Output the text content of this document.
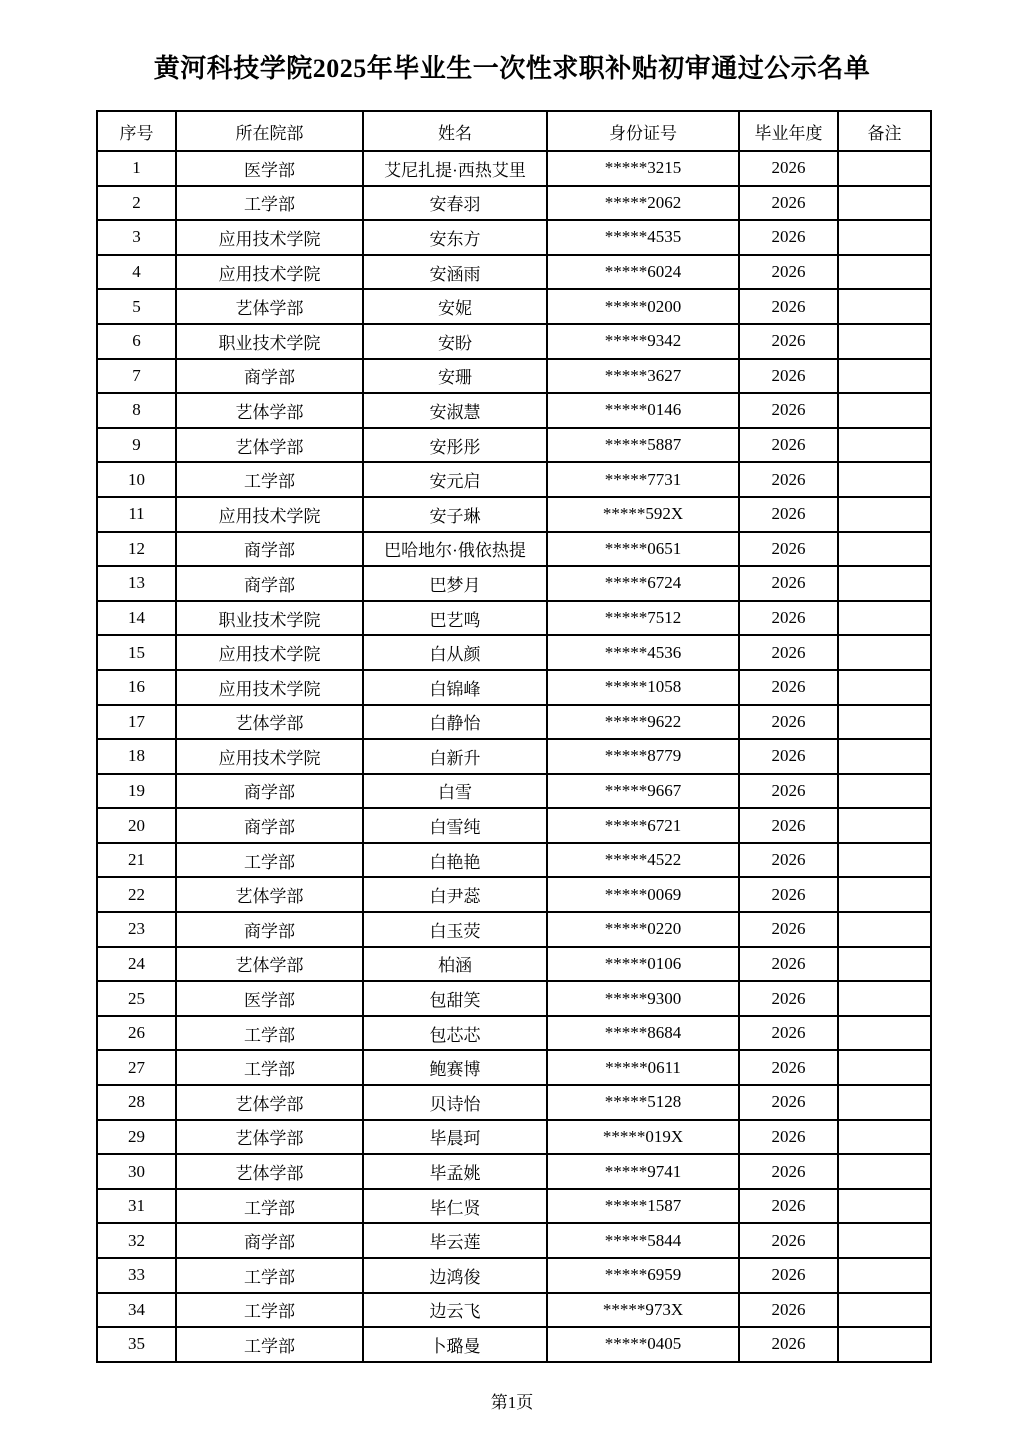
黄河科技学院2025年毕业生一次性求职补贴初审通过公示名单
序号	所在院部	姓名	身份证号	毕业年度	备注
1	医学部	艾尼扎提·西热艾里	*****3215	2026	
2	工学部	安春羽	*****2062	2026	
3	应用技术学院	安东方	*****4535	2026	
4	应用技术学院	安涵雨	*****6024	2026	
5	艺体学部	安妮	*****0200	2026	
6	职业技术学院	安盼	*****9342	2026	
7	商学部	安珊	*****3627	2026	
8	艺体学部	安淑慧	*****0146	2026	
9	艺体学部	安彤彤	*****5887	2026	
10	工学部	安元启	*****7731	2026	
11	应用技术学院	安子琳	*****592X	2026	
12	商学部	巴哈地尔·俄依热提	*****0651	2026	
13	商学部	巴梦月	*****6724	2026	
14	职业技术学院	巴艺鸣	*****7512	2026	
15	应用技术学院	白从颜	*****4536	2026	
16	应用技术学院	白锦峰	*****1058	2026	
17	艺体学部	白静怡	*****9622	2026	
18	应用技术学院	白新升	*****8779	2026	
19	商学部	白雪	*****9667	2026	
20	商学部	白雪纯	*****6721	2026	
21	工学部	白艳艳	*****4522	2026	
22	艺体学部	白尹蕊	*****0069	2026	
23	商学部	白玉荧	*****0220	2026	
24	艺体学部	柏涵	*****0106	2026	
25	医学部	包甜笑	*****9300	2026	
26	工学部	包芯芯	*****8684	2026	
27	工学部	鲍赛博	*****0611	2026	
28	艺体学部	贝诗怡	*****5128	2026	
29	艺体学部	毕晨珂	*****019X	2026	
30	艺体学部	毕孟姚	*****9741	2026	
31	工学部	毕仁贤	*****1587	2026	
32	商学部	毕云莲	*****5844	2026	
33	工学部	边鸿俊	*****6959	2026	
34	工学部	边云飞	*****973X	2026	
35	工学部	卜璐曼	*****0405	2026	
第1页
